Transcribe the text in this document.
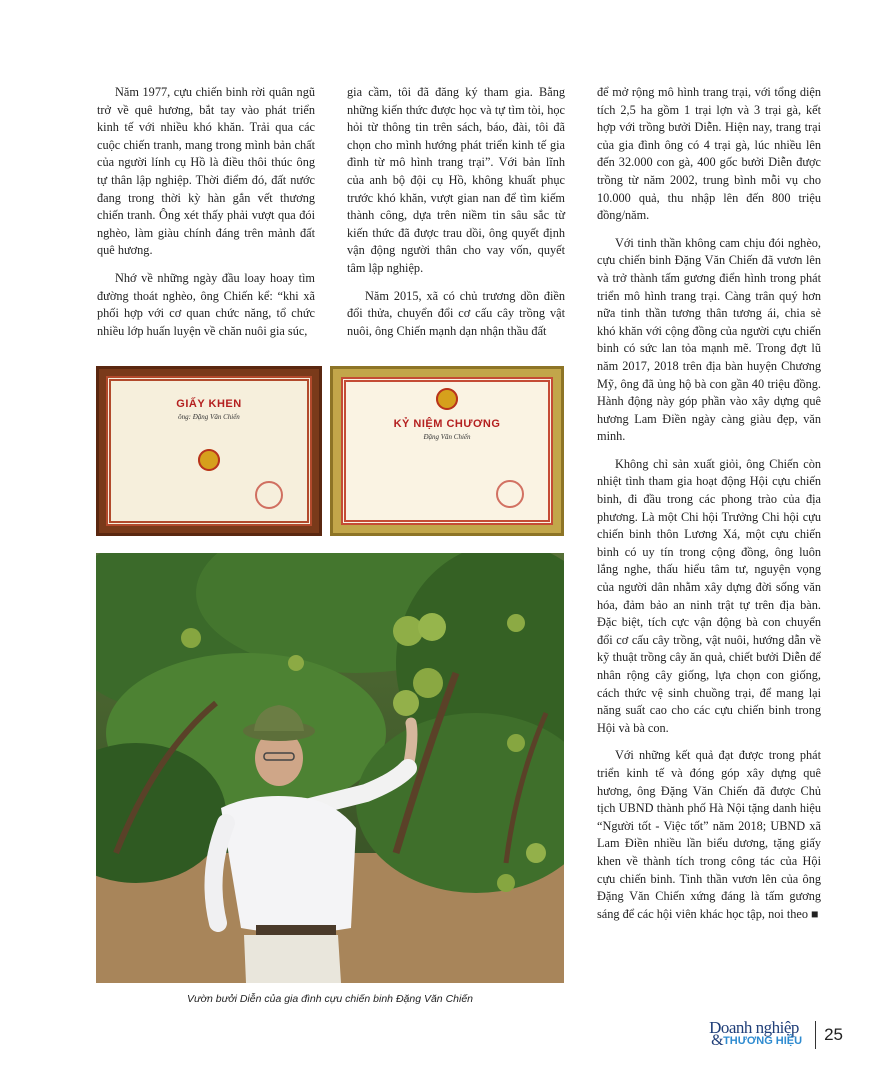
Năm 1977, cựu chiến binh rời quân ngũ trở về quê hương, bắt tay vào phát triển kinh tế với nhiều khó khăn. Trải qua các cuộc chiến tranh, mang trong mình bản chất của người lính cụ Hồ là điều thôi thúc ông tự thân lập nghiệp. Thời điểm đó, đất nước đang trong thời kỳ hàn gắn vết thương chiến tranh. Ông xét thấy phải vượt qua đói nghèo, làm giàu chính đáng trên mảnh đất quê hương.

Nhớ về những ngày đầu loay hoay tìm đường thoát nghèo, ông Chiến kể: “khi xã phối hợp với cơ quan chức năng, tổ chức nhiều lớp huấn luyện về chăn nuôi gia súc,

gia cầm, tôi đã đăng ký tham gia. Bằng những kiến thức được học và tự tìm tòi, học hỏi từ thông tin trên sách, báo, đài, tôi đã chọn cho mình hướng phát triển kinh tế gia đình từ mô hình trang trại”. Với bản lĩnh của anh bộ đội cụ Hồ, không khuất phục trước khó khăn, vượt gian nan để tìm kiếm thành công, dựa trên niềm tin sâu sắc từ kiến thức đã được trau dồi, ông quyết định vận động người thân cho vay vốn, quyết tâm lập nghiệp.

Năm 2015, xã có chủ trương dồn điền đổi thửa, chuyển đổi cơ cấu cây trồng vật nuôi, ông Chiến mạnh dạn nhận thầu đất

để mở rộng mô hình trang trại, với tổng diện tích 2,5 ha gồm 1 trại lợn và 3 trại gà, kết hợp với trồng bưởi Diễn. Hiện nay, trang trại của gia đình ông có 4 trại gà, lúc nhiều lên đến 32.000 con gà, 400 gốc bưởi Diễn được trồng từ năm 2002, trung bình mỗi vụ cho 10.000 quả, thu nhập lên đến 800 triệu đồng/năm.

Với tinh thần không cam chịu đói nghèo, cựu chiến binh Đặng Văn Chiến đã vươn lên và trở thành tấm gương điển hình trong phát triển mô hình trang trại. Càng trân quý hơn nữa tinh thần tương thân tương ái, chia sẻ khó khăn với cộng đồng của người cựu chiến binh có sức lan tỏa mạnh mẽ. Trong đợt lũ năm 2017, 2018 trên địa bàn huyện Chương Mỹ, ông đã ủng hộ bà con gần 40 triệu đồng. Hành động này góp phần vào xây dựng quê hương Lam Điền ngày càng giàu đẹp, văn minh.

Không chỉ sản xuất giỏi, ông Chiến còn nhiệt tình tham gia hoạt động Hội cựu chiến binh, đi đầu trong các phong trào của địa phương. Là một Chi hội Trưởng Chi hội cựu chiến binh thôn Lương Xá, một cựu chiến binh có uy tín trong cộng đồng, ông luôn lắng nghe, thấu hiểu tâm tư, nguyện vọng của người dân nhằm xây dựng đời sống văn hóa, đảm bảo an ninh trật tự trên địa bàn. Đặc biệt, tích cực vận động bà con chuyển đổi cơ cấu cây trồng, vật nuôi, hướng dẫn về kỹ thuật trồng cây ăn quả, chiết bưởi Diễn để nhân rộng cây giống, lựa chọn con giống, cách thức vệ sinh chuồng trại, để mang lại năng suất cao cho các cựu chiến binh trong Hội và bà con.

Với những kết quả đạt được trong phát triển kinh tế và đóng góp xây dựng quê hương, ông Đặng Văn Chiến đã được Chủ tịch UBND thành phố Hà Nội tặng danh hiệu “Người tốt - Việc tốt” năm 2018; UBND xã Lam Điền nhiều lần biểu dương, tặng giấy khen về thành tích trong công tác của Hội cựu chiến binh. Tinh thần vươn lên của ông Đặng Văn Chiến xứng đáng là tấm gương sáng để các hội viên khác học tập, noi theo ■

GIẤY KHEN
ông: Đặng Văn Chiến
KỶ NIỆM CHƯƠNG
Đặng Văn Chiến
Vườn bưởi Diễn của gia đình cựu chiến binh Đặng Văn Chiến
Doanh nghiệp
& THƯƠNG HIỆU 25
